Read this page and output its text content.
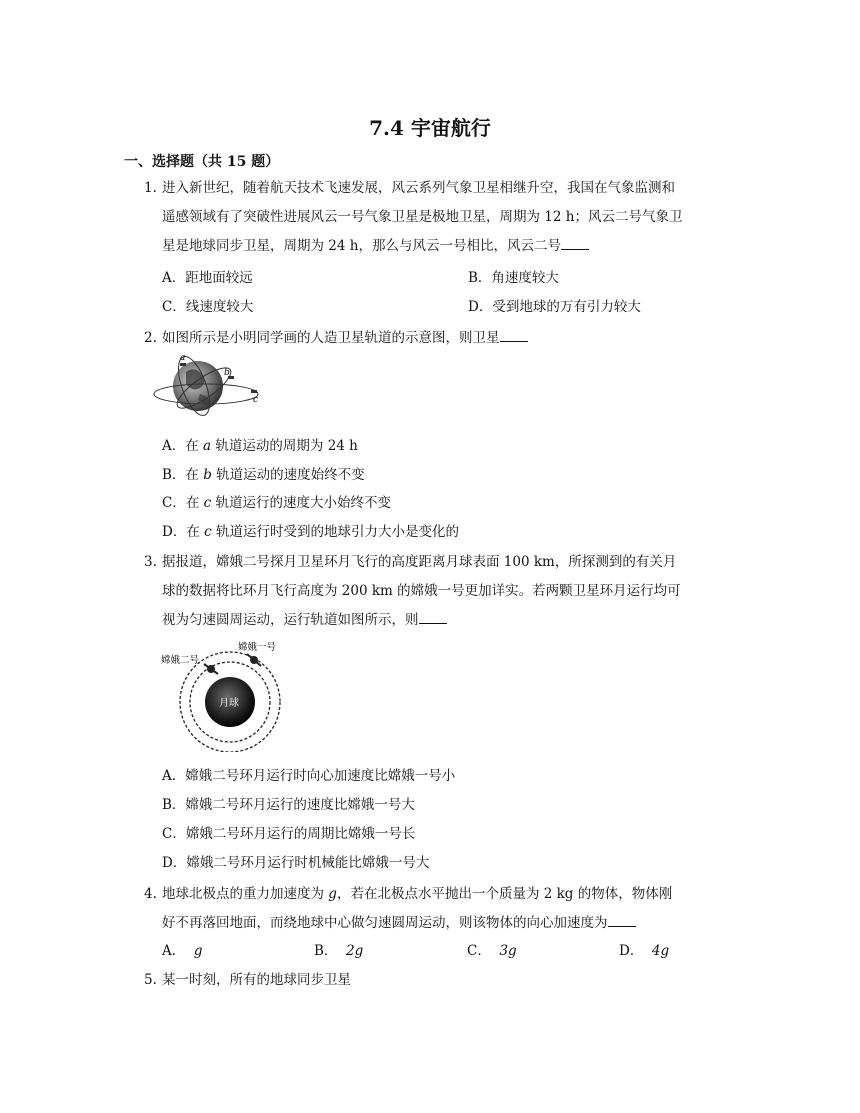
7.4 宇宙航行
一、选择题（共 15 题）
1. 进入新世纪，随着航天技术飞速发展，风云系列气象卫星相继升空，我国在气象监测和
遥感领域有了突破性进展风云一号气象卫星是极地卫星，周期为 12 h；风云二号气象卫
星是地球同步卫星，周期为 24 h，那么与风云一号相比，风云二号
A．距地面较远	B．角速度较大
C．线速度较大	D．受到地球的万有引力较大
2. 如图所示是小明同学画的人造卫星轨道的示意图，则卫星
a
b
c
A．在 a 轨道运动的周期为 24 h
B．在 b 轨道运动的速度始终不变
C．在 c 轨道运行的速度大小始终不变
D．在 c 轨道运行时受到的地球引力大小是变化的
3. 据报道，嫦娥二号探月卫星环月飞行的高度距离月球表面 100 km，所探测到的有关月
球的数据将比环月飞行高度为 200 km 的嫦娥一号更加详实。若两颗卫星环月运行均可
视为匀速圆周运动，运行轨道如图所示，则
月球
嫦娥二号
嫦娥一号
A．嫦娥二号环月运行时向心加速度比嫦娥一号小
B．嫦娥二号环月运行的速度比嫦娥一号大
C．嫦娥二号环月运行的周期比嫦娥一号长
D．嫦娥二号环月运行时机械能比嫦娥一号大
4. 地球北极点的重力加速度为 g，若在北极点水平抛出一个质量为 2 kg 的物体，物体刚
好不再落回地面，而绕地球中心做匀速圆周运动，则该物体的向心加速度为
A． g	B． 2g	C． 3g	D． 4g
5. 某一时刻，所有的地球同步卫星
